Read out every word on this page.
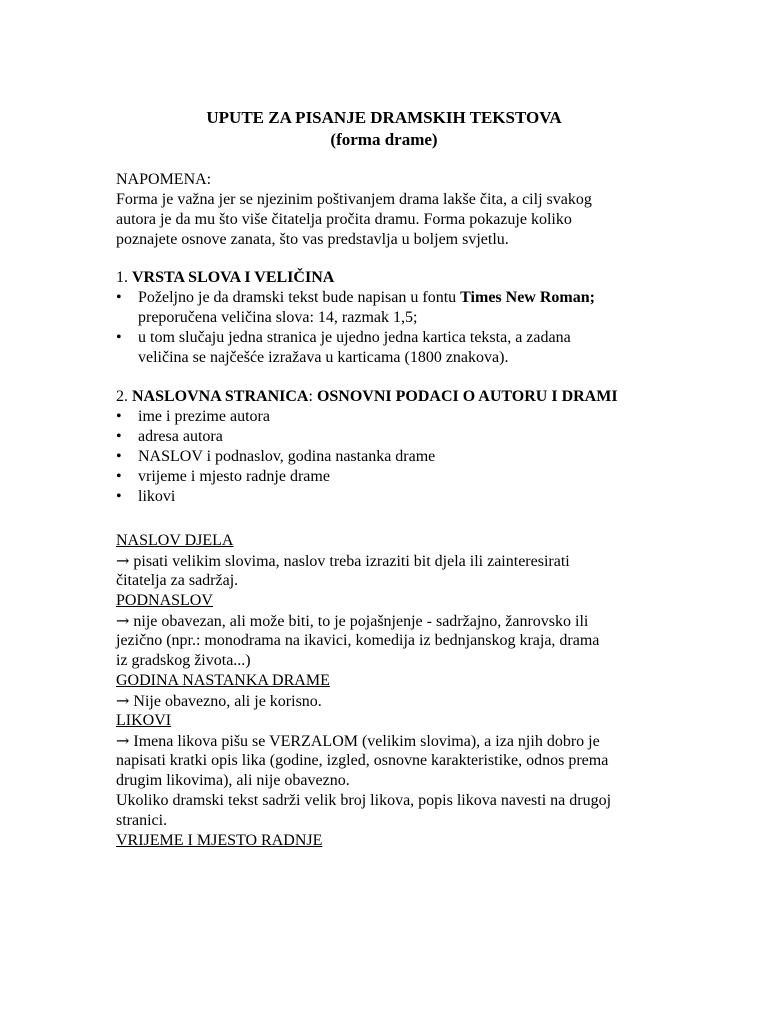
UPUTE ZA PISANJE DRAMSKIH TEKSTOVA
(forma drame)
NAPOMENA:
Forma je važna jer se njezinim poštivanjem drama lakše čita, a cilj svakog
autora je da mu što više čitatelja pročita dramu. Forma pokazuje koliko
poznajete osnove zanata, što vas predstavlja u boljem svjetlu.
1. VRSTA SLOVA I VELIČINA
•	Poželjno je da dramski tekst bude napisan u fontu Times New Roman;
preporučena veličina slova: 14, razmak 1,5;
•	u tom slučaju jedna stranica je ujedno jedna kartica teksta, a zadana
veličina se najčešće izražava u karticama (1800 znakova).
2. NASLOVNA STRANICA: OSNOVNI PODACI O AUTORU I DRAMI
•	ime i prezime autora
•	adresa autora
•	NASLOV i podnaslov, godina nastanka drame
•	vrijeme i mjesto radnje drame
•	likovi
NASLOV DJELA
→ pisati velikim slovima, naslov treba izraziti bit djela ili zainteresirati
čitatelja za sadržaj.
PODNASLOV
→ nije obavezan, ali može biti, to je pojašnjenje - sadržajno, žanrovsko ili
jezično (npr.: monodrama na ikavici, komedija iz bednjanskog kraja, drama
iz gradskog života...)
GODINA NASTANKA DRAME
→ Nije obavezno, ali je korisno.
LIKOVI
→ Imena likova pišu se VERZALOM (velikim slovima), a iza njih dobro je
napisati kratki opis lika (godine, izgled, osnovne karakteristike, odnos prema
drugim likovima), ali nije obavezno.
Ukoliko dramski tekst sadrži velik broj likova, popis likova navesti na drugoj
stranici.
VRIJEME I MJESTO RADNJE
